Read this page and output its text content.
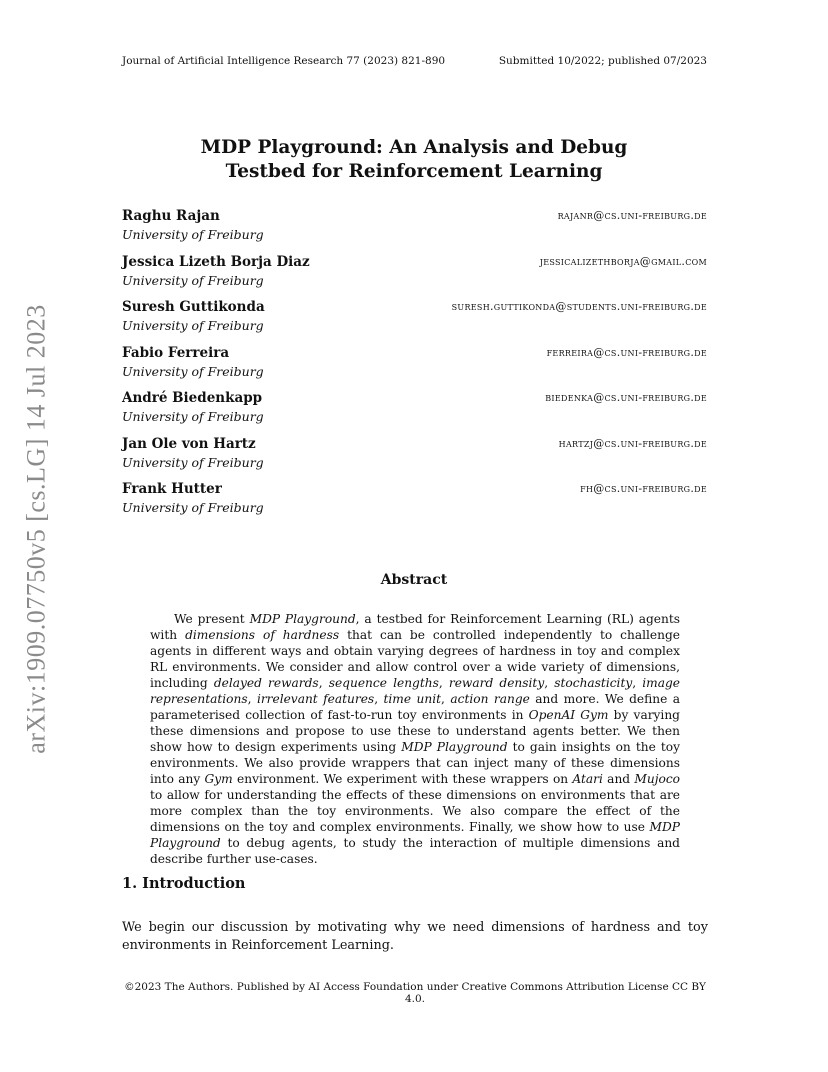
Journal of Artificial Intelligence Research 77 (2023) 821-890	Submitted 10/2022; published 07/2023
arXiv:1909.07750v5 [cs.LG] 14 Jul 2023
MDP Playground: An Analysis and Debug
Testbed for Reinforcement Learning
Raghu Rajan	rajanr@cs.uni-freiburg.de
University of Freiburg
Jessica Lizeth Borja Diaz	jessicalizethborja@gmail.com
University of Freiburg
Suresh Guttikonda	suresh.guttikonda@students.uni-freiburg.de
University of Freiburg
Fabio Ferreira	ferreira@cs.uni-freiburg.de
University of Freiburg
André Biedenkapp	biedenka@cs.uni-freiburg.de
University of Freiburg
Jan Ole von Hartz	hartzj@cs.uni-freiburg.de
University of Freiburg
Frank Hutter	fh@cs.uni-freiburg.de
University of Freiburg
Abstract
We present MDP Playground, a testbed for Reinforcement Learning (RL) agents with dimensions of hardness that can be controlled independently to challenge agents in different ways and obtain varying degrees of hardness in toy and complex RL environments. We consider and allow control over a wide variety of dimensions, including delayed rewards, sequence lengths, reward density, stochasticity, image representations, irrelevant features, time unit, action range and more. We define a parameterised collection of fast-to-run toy environments in OpenAI Gym by varying these dimensions and propose to use these to understand agents better. We then show how to design experiments using MDP Playground to gain insights on the toy environments. We also provide wrappers that can inject many of these dimensions into any Gym environment. We experiment with these wrappers on Atari and Mujoco to allow for understanding the effects of these dimensions on environments that are more complex than the toy environments. We also compare the effect of the dimensions on the toy and complex environments. Finally, we show how to use MDP Playground to debug agents, to study the interaction of multiple dimensions and describe further use-cases.
1. Introduction
We begin our discussion by motivating why we need dimensions of hardness and toy environments in Reinforcement Learning.
©2023 The Authors. Published by AI Access Foundation under Creative Commons Attribution License CC BY 4.0.
